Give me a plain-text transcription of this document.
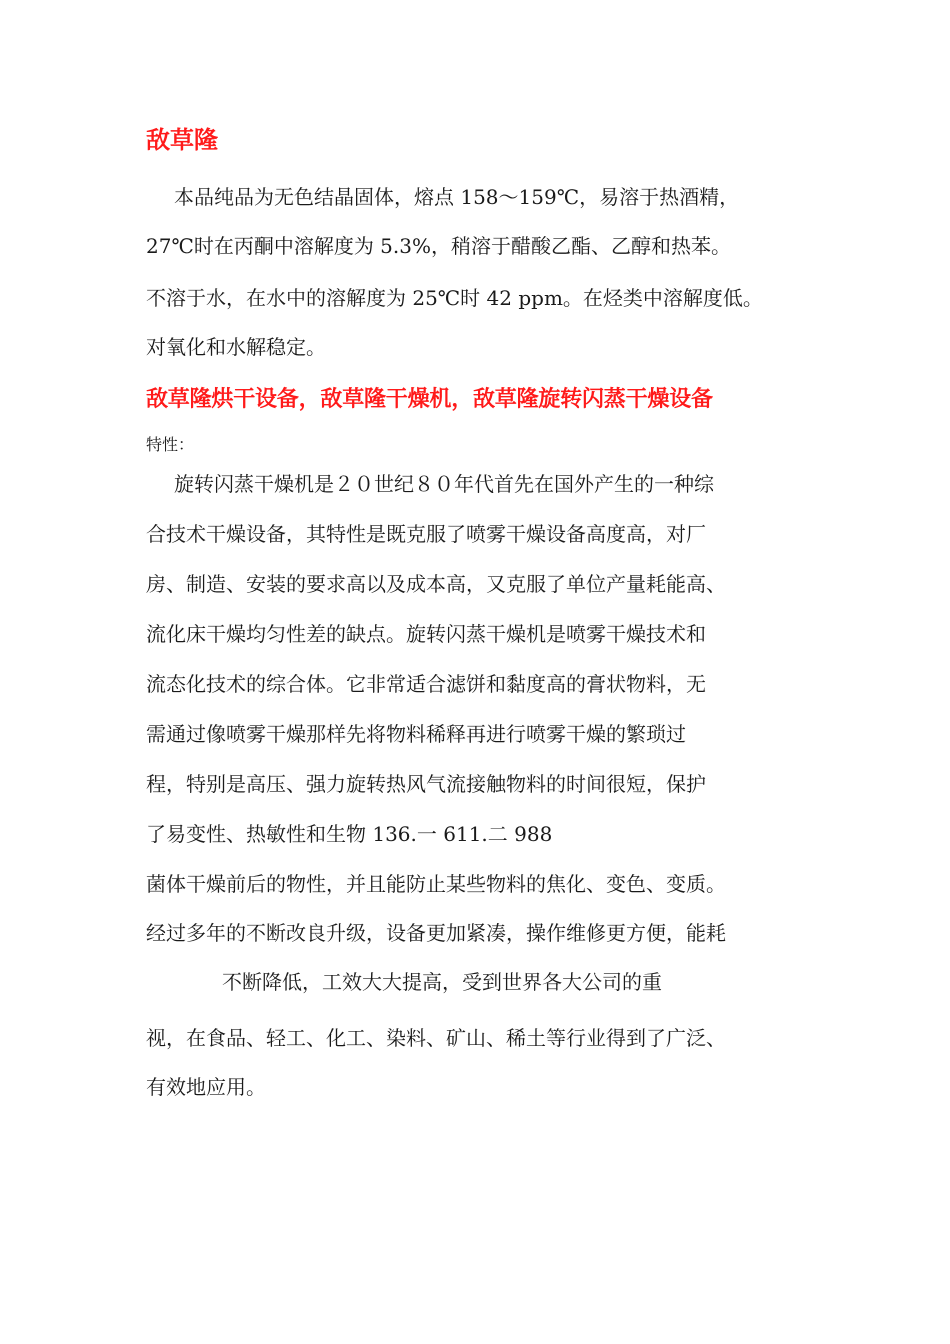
敌草隆

本品纯品为无色结晶固体，熔点 158～159℃，易溶于热酒精，

27℃时在丙酮中溶解度为 5.3%，稍溶于醋酸乙酯、乙醇和热苯。

不溶于水，在水中的溶解度为 25℃时 42 ppm。在烃类中溶解度低。

对氧化和水解稳定。

敌草隆烘干设备，敌草隆干燥机，敌草隆旋转闪蒸干燥设备
特性：

旋转闪蒸干燥机是２０世纪８０年代首先在国外产生的一种综

合技术干燥设备，其特性是既克服了喷雾干燥设备高度高，对厂

房、制造、安装的要求高以及成本高，又克服了单位产量耗能高、

流化床干燥均匀性差的缺点。旋转闪蒸干燥机是喷雾干燥技术和

流态化技术的综合体。它非常适合滤饼和黏度高的膏状物料，无

需通过像喷雾干燥那样先将物料稀释再进行喷雾干燥的繁琐过

程，特别是高压、强力旋转热风气流接触物料的时间很短，保护

了易变性、热敏性和生物 136.一 611.二 988

菌体干燥前后的物性，并且能防止某些物料的焦化、变色、变质。

经过多年的不断改良升级，设备更加紧凑，操作维修更方便，能耗

不断降低，工效大大提高，受到世界各大公司的重

视，在食品、轻工、化工、染料、矿山、稀土等行业得到了广泛、

有效地应用。
